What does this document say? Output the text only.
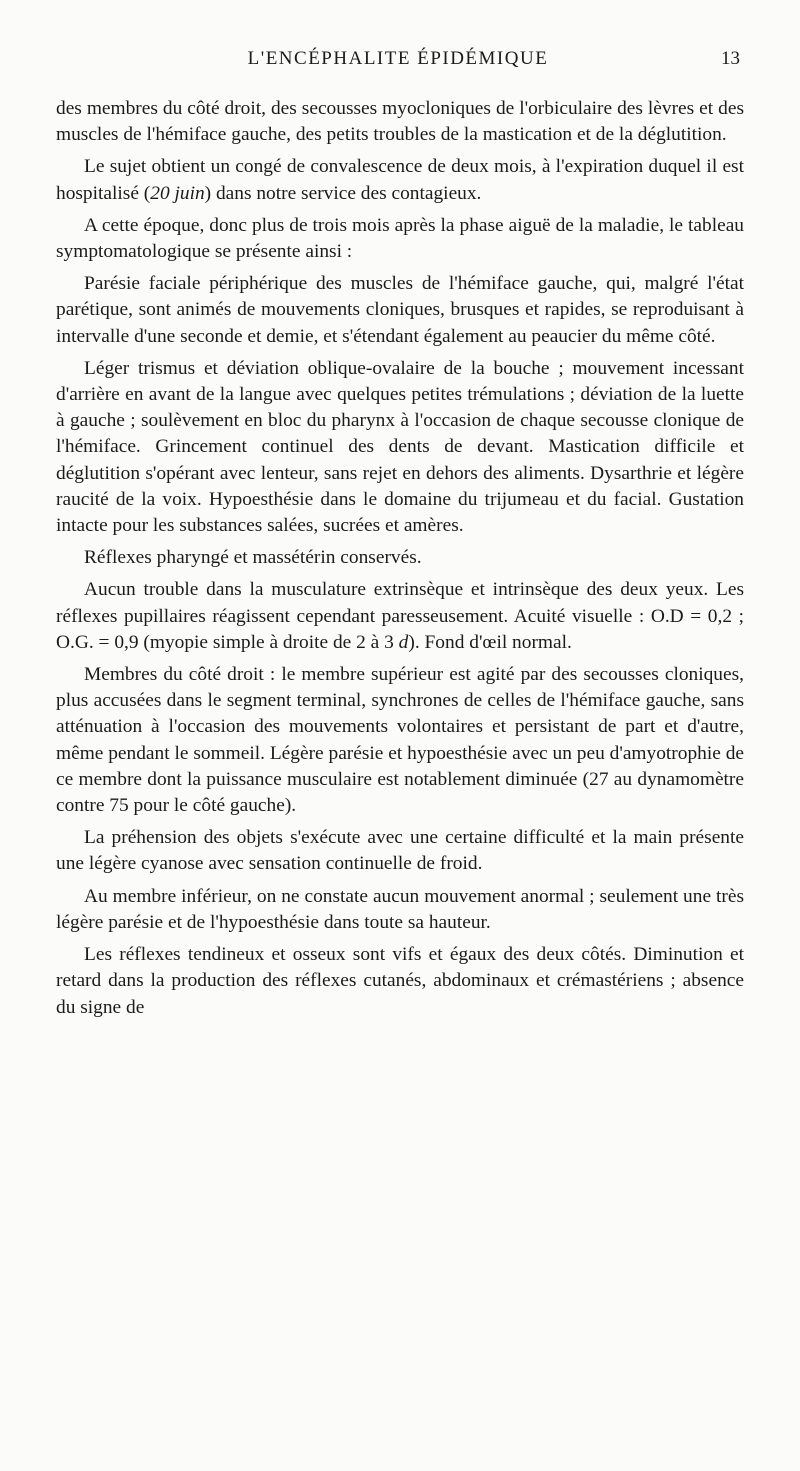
L'ENCÉPHALITE ÉPIDÉMIQUE	13

des membres du côté droit, des secousses myocloniques de l'orbiculaire des lèvres et des muscles de l'hémiface gauche, des petits troubles de la mastication et de la déglutition.

Le sujet obtient un congé de convalescence de deux mois, à l'expiration duquel il est hospitalisé (20 juin) dans notre service des contagieux.

A cette époque, donc plus de trois mois après la phase aiguë de la maladie, le tableau symptomatologique se présente ainsi :

Parésie faciale périphérique des muscles de l'hémiface gauche, qui, malgré l'état parétique, sont animés de mouvements cloniques, brusques et rapides, se reproduisant à intervalle d'une seconde et demie, et s'étendant également au peaucier du même côté.

Léger trismus et déviation oblique-ovalaire de la bouche ; mouvement incessant d'arrière en avant de la langue avec quelques petites trémulations ; déviation de la luette à gauche ; soulèvement en bloc du pharynx à l'occasion de chaque secousse clonique de l'hémiface. Grincement continuel des dents de devant. Mastication difficile et déglutition s'opérant avec lenteur, sans rejet en dehors des aliments. Dysarthrie et légère raucité de la voix. Hypoesthésie dans le domaine du trijumeau et du facial. Gustation intacte pour les substances salées, sucrées et amères.

Réflexes pharyngé et massétérin conservés.

Aucun trouble dans la musculature extrinsèque et intrinsèque des deux yeux. Les réflexes pupillaires réagissent cependant paresseusement. Acuité visuelle : O.D = 0,2 ; O.G. = 0,9 (myopie simple à droite de 2 à 3 d). Fond d'œil normal.

Membres du côté droit : le membre supérieur est agité par des secousses cloniques, plus accusées dans le segment terminal, synchrones de celles de l'hémiface gauche, sans atténuation à l'occasion des mouvements volontaires et persistant de part et d'autre, même pendant le sommeil. Légère parésie et hypoesthésie avec un peu d'amyotrophie de ce membre dont la puissance musculaire est notablement diminuée (27 au dynamomètre contre 75 pour le côté gauche).

La préhension des objets s'exécute avec une certaine difficulté et la main présente une légère cyanose avec sensation continuelle de froid.

Au membre inférieur, on ne constate aucun mouvement anormal ; seulement une très légère parésie et de l'hypoesthésie dans toute sa hauteur.

Les réflexes tendineux et osseux sont vifs et égaux des deux côtés. Diminution et retard dans la production des réflexes cutanés, abdominaux et crémastériens ; absence du signe de
